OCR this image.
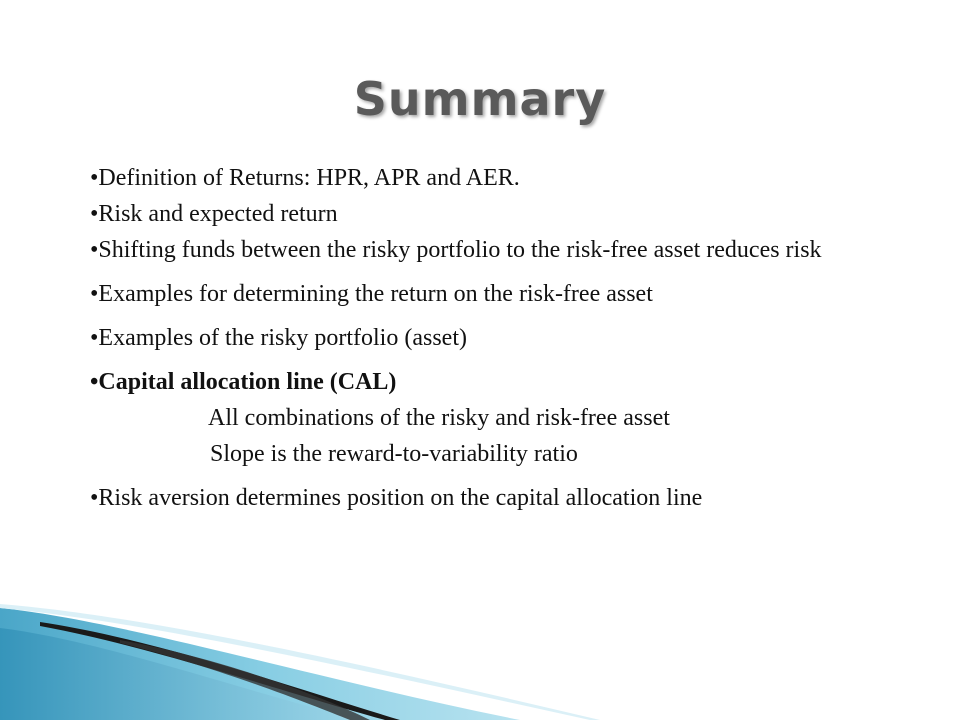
Summary

•Definition of Returns: HPR, APR and AER.

•Risk and expected return

•Shifting funds between the risky portfolio to the risk-free asset reduces risk

•Examples for determining the return on the risk-free asset

•Examples of the risky portfolio (asset)

•Capital allocation line (CAL)

All combinations of the risky and risk-free asset

Slope is the reward-to-variability ratio

•Risk aversion determines position on the capital allocation line
